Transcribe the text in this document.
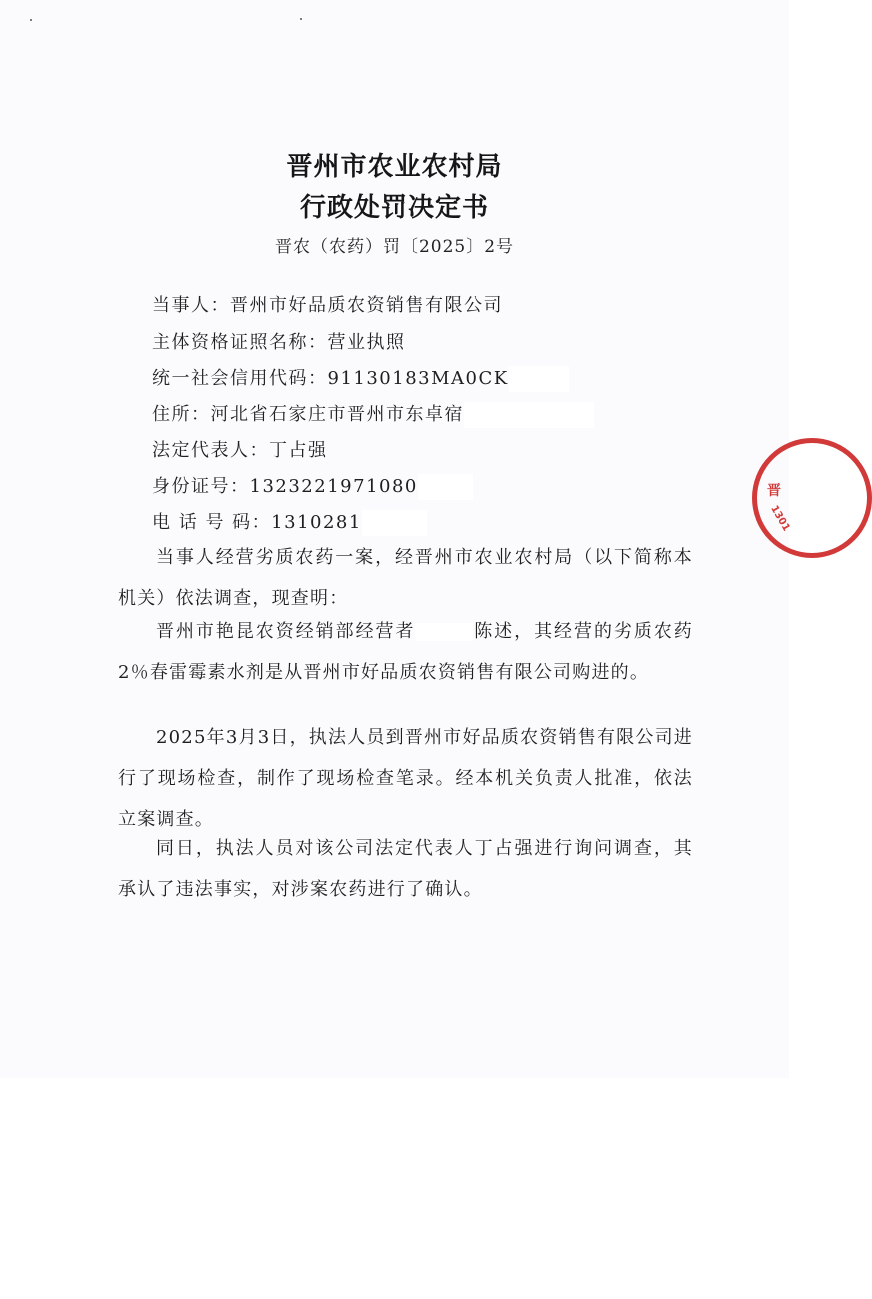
晋州市农业农村局
行政处罚决定书
晋农（农药）罚〔2025〕2号
当事人：晋州市好品质农资销售有限公司
主体资格证照名称：营业执照
统一社会信用代码：91130183MA0CK
住所：河北省石家庄市晋州市东卓宿
法定代表人：丁占强
身份证号：1323221971080
电 话 号 码：1310281
当事人经营劣质农药一案，经晋州市农业农村局（以下简称本机关）依法调查，现查明：
晋州市艳昆农资经销部经营者	陈述，其经营的劣质农药2％春雷霉素水剂是从晋州市好品质农资销售有限公司购进的。
2025年3月3日，执法人员到晋州市好品质农资销售有限公司进行了现场检查，制作了现场检查笔录。经本机关负责人批准，依法立案调查。
同日，执法人员对该公司法定代表人丁占强进行询问调查，其承认了违法事实，对涉案农药进行了确认。
晋
1301
